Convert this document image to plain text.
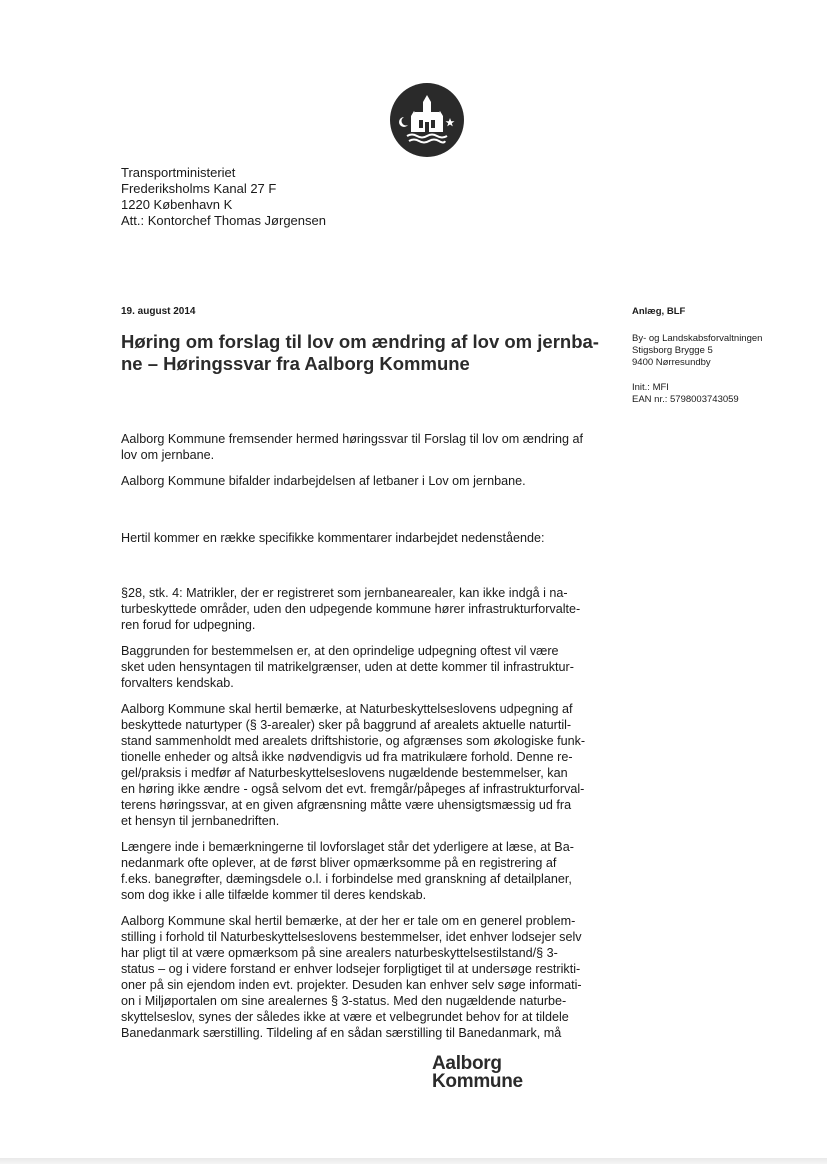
Transportministeriet
Frederiksholms Kanal 27 F
1220 København K
Att.: Kontorchef Thomas Jørgensen
19. august 2014
Høring om forslag til lov om ændring af lov om jernba-
ne – Høringssvar fra Aalborg Kommune
Anlæg, BLF
By- og Landskabsforvaltningen
Stigsborg Brygge 5
9400 Nørresundby
Init.: MFI
EAN nr.: 5798003743059

Aalborg Kommune fremsender hermed høringssvar til Forslag til lov om ændring af
lov om jernbane.

Aalborg Kommune bifalder indarbejdelsen af letbaner i Lov om jernbane.

Hertil kommer en række specifikke kommentarer indarbejdet nedenstående:

§28, stk. 4: Matrikler, der er registreret som jernbanearealer, kan ikke indgå i na-
turbeskyttede områder, uden den udpegende kommune hører infrastrukturforvalte-
ren forud for udpegning.

Baggrunden for bestemmelsen er, at den oprindelige udpegning oftest vil være
sket uden hensyntagen til matrikelgrænser, uden at dette kommer til infrastruktur-
forvalters kendskab.

Aalborg Kommune skal hertil bemærke, at Naturbeskyttelseslovens udpegning af
beskyttede naturtyper (§ 3-arealer) sker på baggrund af arealets aktuelle naturtil-
stand sammenholdt med arealets driftshistorie, og afgrænses som økologiske funk-
tionelle enheder og altså ikke nødvendigvis ud fra matrikulære forhold. Denne re-
gel/praksis i medfør af Naturbeskyttelseslovens nugældende bestemmelser, kan
en høring ikke ændre - også selvom det evt. fremgår/påpeges af infrastrukturforval-
terens høringssvar, at en given afgrænsning måtte være uhensigtsmæssig ud fra
et hensyn til jernbanedriften.

Længere inde i bemærkningerne til lovforslaget står det yderligere at læse, at Ba-
nedanmark ofte oplever, at de først bliver opmærksomme på en registrering af
f.eks. banegrøfter, dæmingsdele o.l. i forbindelse med granskning af detailplaner,
som dog ikke i alle tilfælde kommer til deres kendskab.

Aalborg Kommune skal hertil bemærke, at der her er tale om en generel problem-
stilling i forhold til Naturbeskyttelseslovens bestemmelser, idet enhver lodsejer selv
har pligt til at være opmærksom på sine arealers naturbeskyttelsestilstand/§ 3-
status – og i videre forstand er enhver lodsejer forpligtiget til at undersøge restrikti-
oner på sin ejendom inden evt. projekter. Desuden kan enhver selv søge informati-
on i Miljøportalen om sine arealernes § 3-status. Med den nugældende naturbe-
skyttelseslov, synes der således ikke at være et velbegrundet behov for at tildele
Banedanmark særstilling. Tildeling af en sådan særstilling til Banedanmark, må

Aalborg
Kommune
